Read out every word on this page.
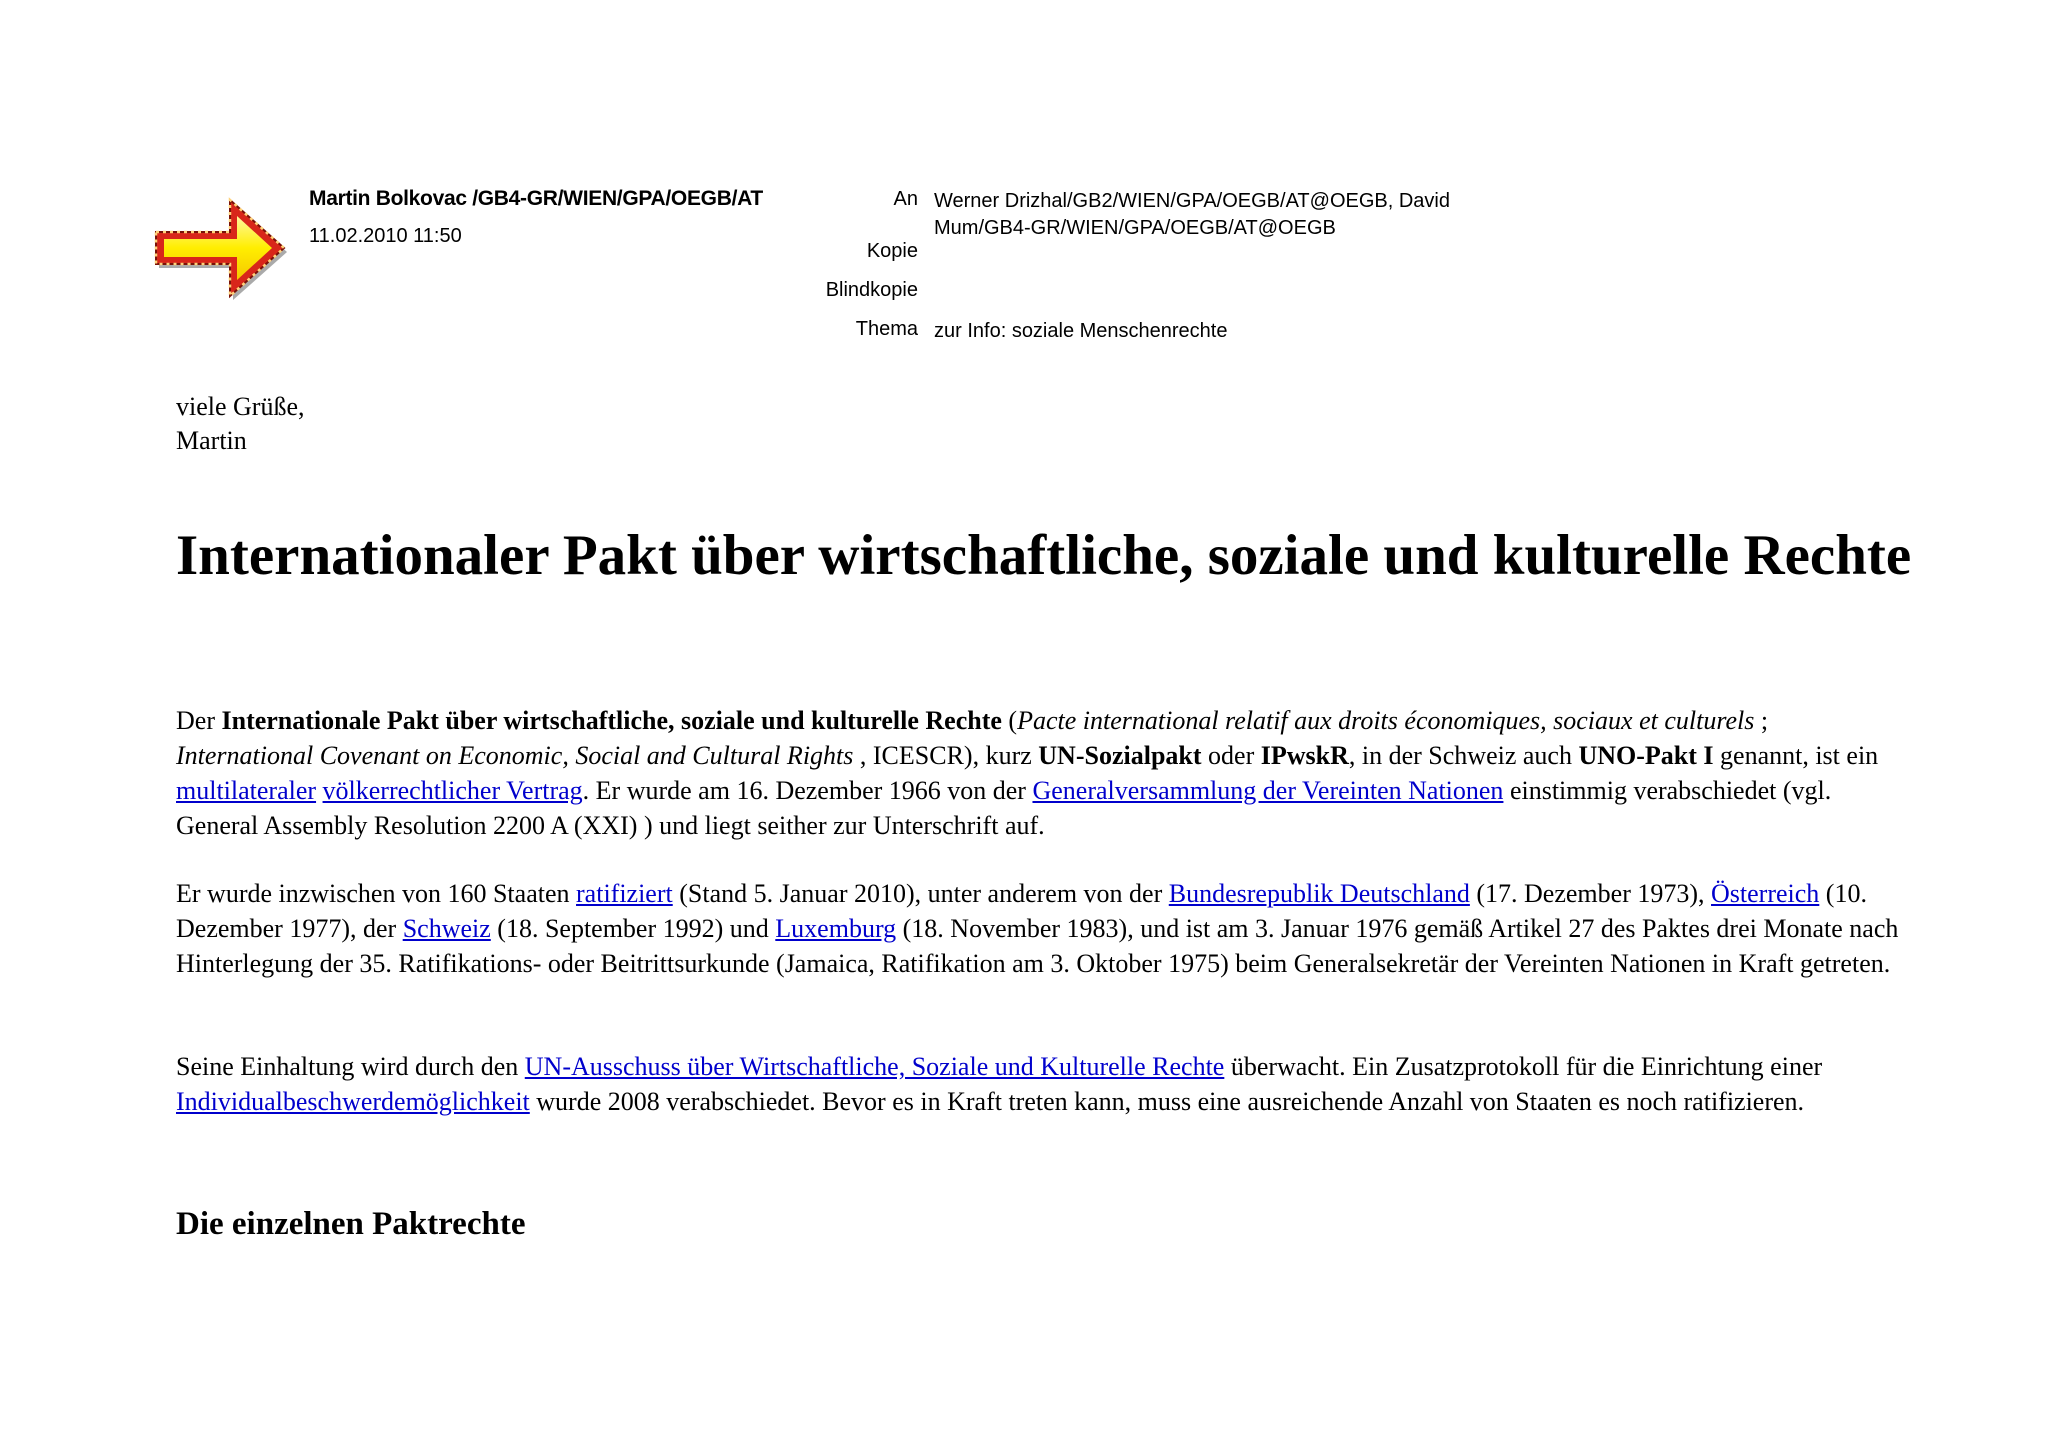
Martin Bolkovac /GB4-GR/WIEN/GPA/OEGB/AT
11.02.2010 11:50
An
Kopie
Blindkopie
Thema
Werner Drizhal/GB2/WIEN/GPA/OEGB/AT@OEGB, David
Mum/GB4-GR/WIEN/GPA/OEGB/AT@OEGB
zur Info: soziale Menschenrechte
viele Grüße,
Martin
Internationaler Pakt über wirtschaftliche, soziale und kulturelle Rechte

Der Internationale Pakt über wirtschaftliche, soziale und kulturelle Rechte (Pacte international relatif aux droits économiques, sociaux et culturels ; International Covenant on Economic, Social and Cultural Rights , ICESCR), kurz UN-Sozialpakt oder IPwskR, in der Schweiz auch UNO-Pakt I genannt, ist ein multilateraler völkerrechtlicher Vertrag. Er wurde am 16. Dezember 1966 von der Generalversammlung der Vereinten Nationen einstimmig verabschiedet (vgl. General Assembly Resolution 2200 A (XXI) ) und liegt seither zur Unterschrift auf.

Er wurde inzwischen von 160 Staaten ratifiziert (Stand 5. Januar 2010), unter anderem von der Bundesrepublik Deutschland (17. Dezember 1973), Österreich (10. Dezember 1977), der Schweiz (18. September 1992) und Luxemburg (18. November 1983), und ist am 3. Januar 1976 gemäß Artikel 27 des Paktes drei Monate nach Hinterlegung der 35. Ratifikations- oder Beitrittsurkunde (Jamaica, Ratifikation am 3. Oktober 1975) beim Generalsekretär der Vereinten Nationen in Kraft getreten.

Seine Einhaltung wird durch den UN-Ausschuss über Wirtschaftliche, Soziale und Kulturelle Rechte überwacht. Ein Zusatzprotokoll für die Einrichtung einer Individualbeschwerdemöglichkeit wurde 2008 verabschiedet. Bevor es in Kraft treten kann, muss eine ausreichende Anzahl von Staaten es noch ratifizieren.

Die einzelnen Paktrechte
